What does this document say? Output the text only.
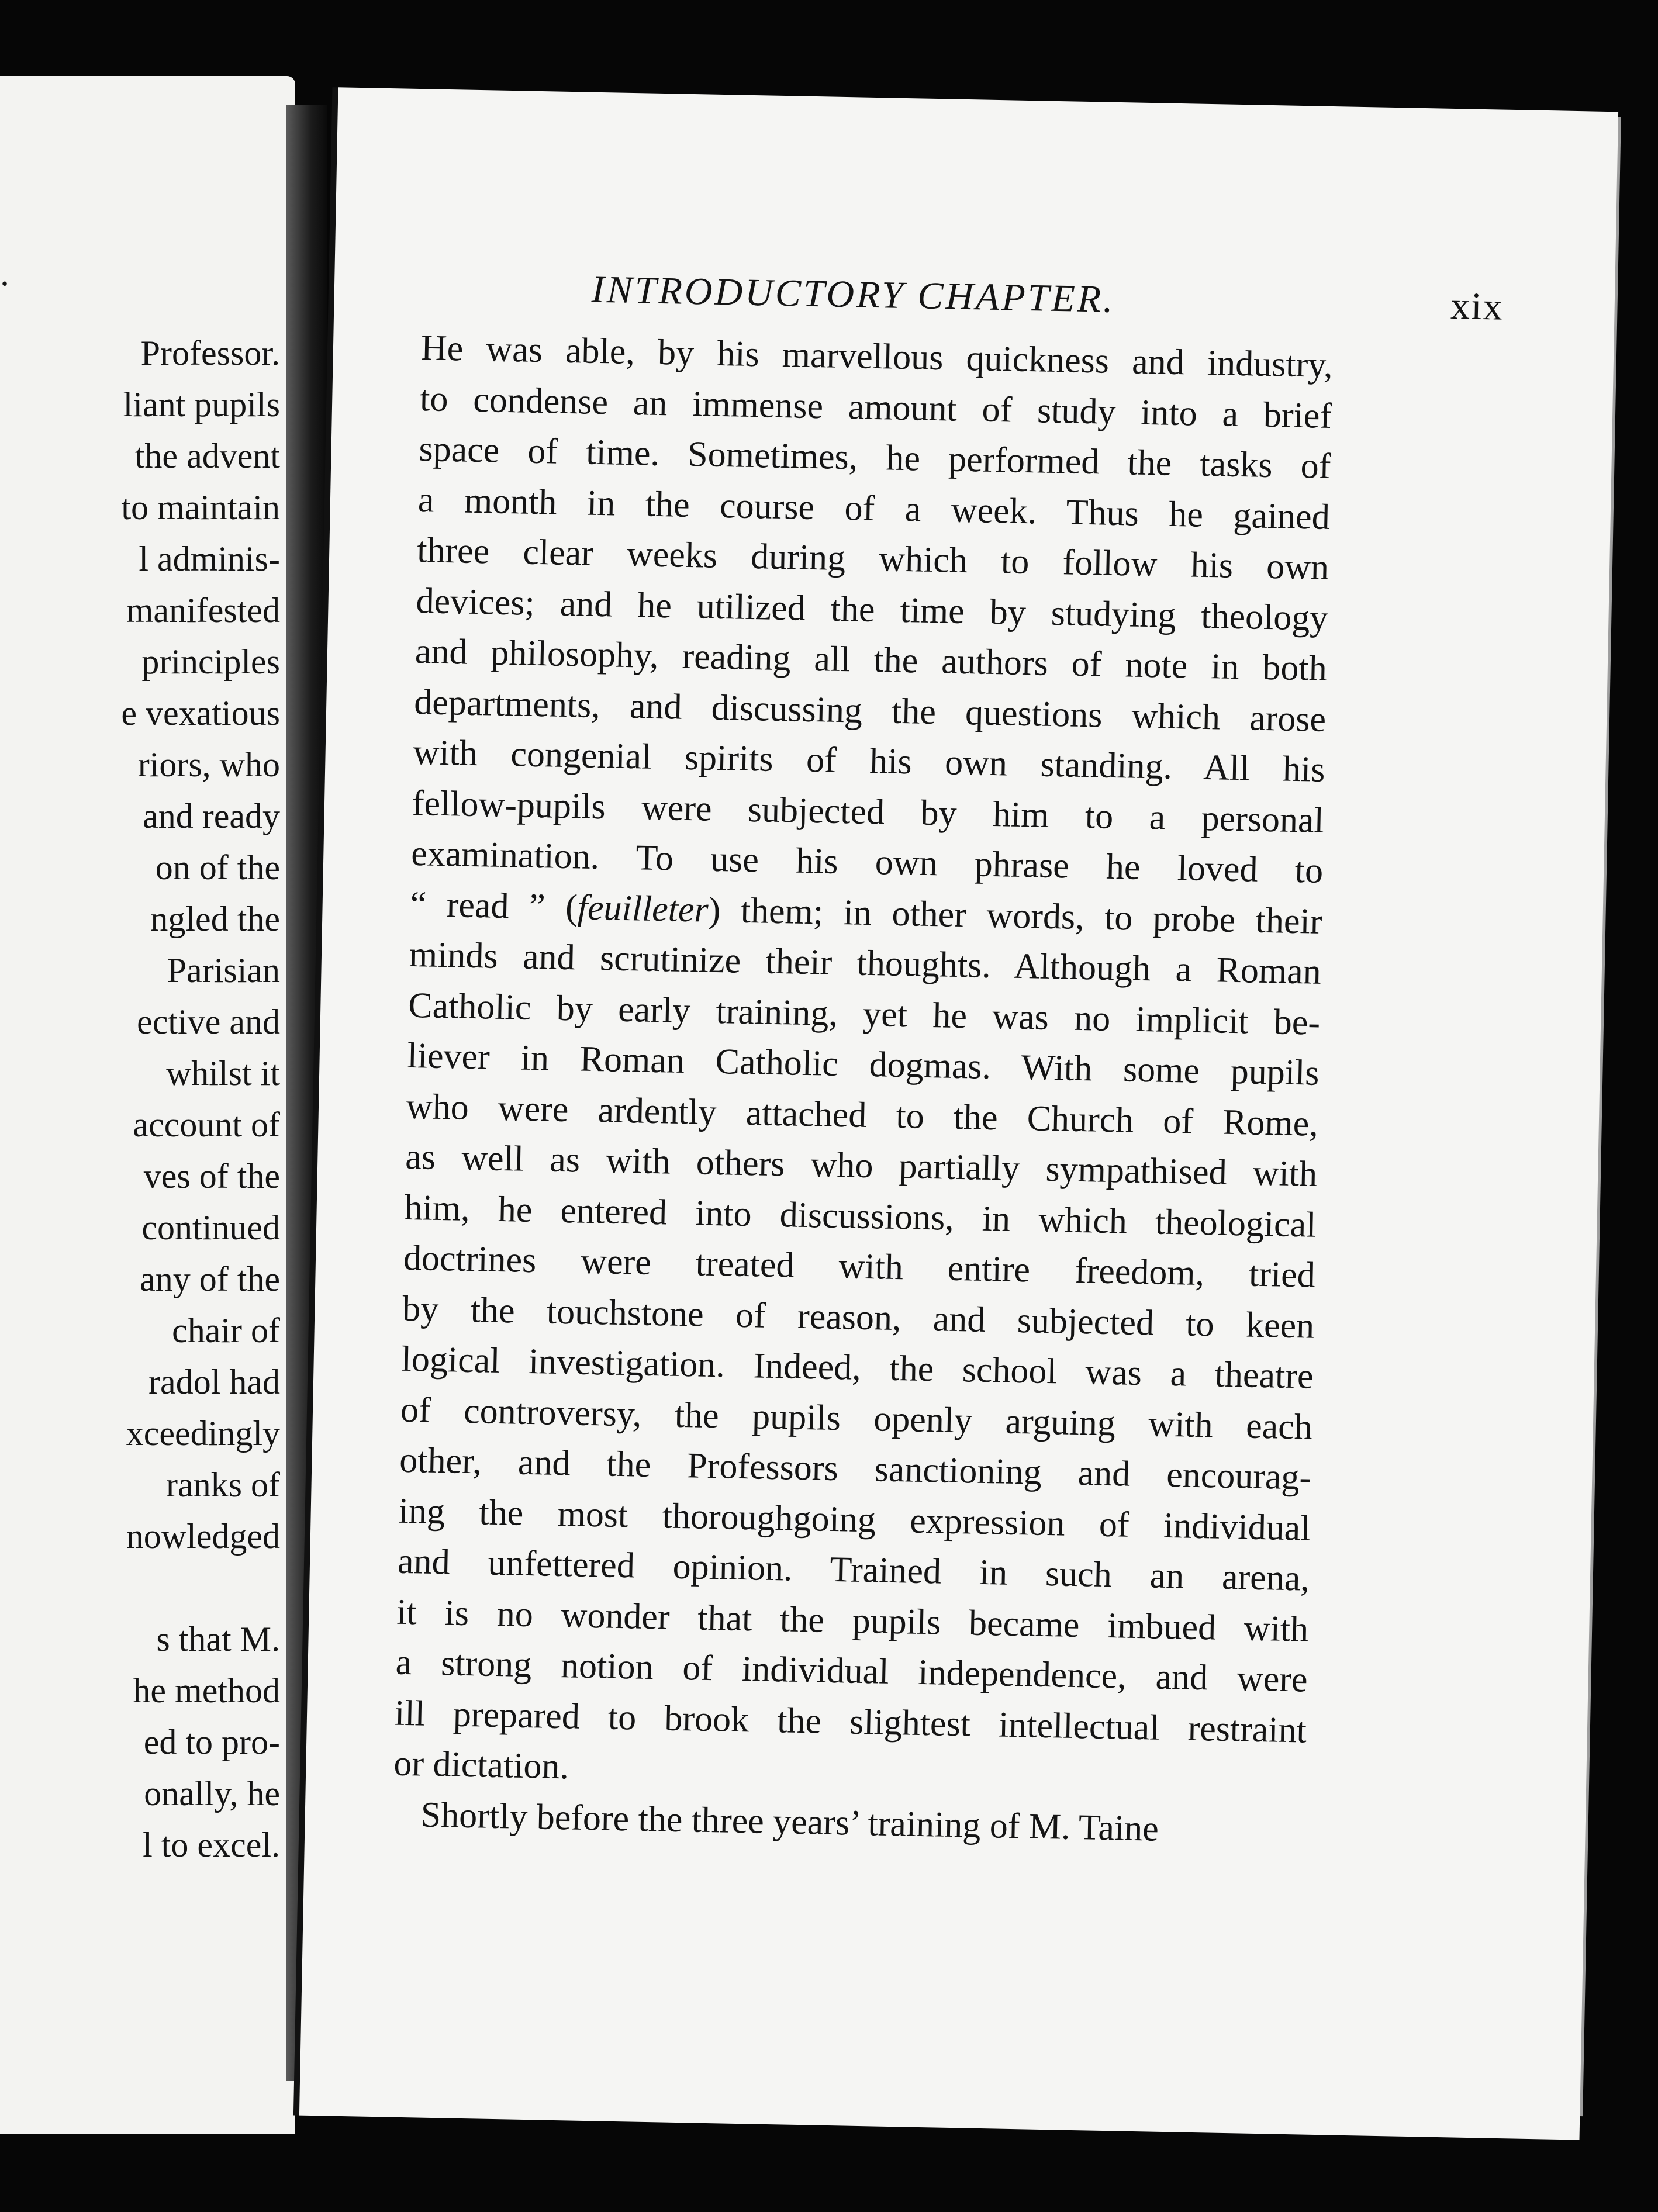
.
Professor.
liant pupils
the advent
to maintain
l adminis-
manifested
principles
e vexatious
riors, who
and ready
on of the
ngled the
Parisian
ective and
whilst it
account of
ves of the
continued
any of the
chair of
radol had
xceedingly
ranks of
nowledged
s that M.
he method
ed to pro-
onally, he
l to excel.
INTRODUCTORY CHAPTER.	xix
He was able, by his marvellous quickness and industry,
to condense an immense amount of study into a brief
space of time. Sometimes, he performed the tasks of
a month in the course of a week. Thus he gained
three clear weeks during which to follow his own
devices; and he utilized the time by studying theology
and philosophy, reading all the authors of note in both
departments, and discussing the questions which arose
with congenial spirits of his own standing. All his
fellow-pupils were subjected by him to a personal
examination. To use his own phrase he loved to
“ read ” (feuilleter) them; in other words, to probe their
minds and scrutinize their thoughts. Although a Roman
Catholic by early training, yet he was no implicit be-
liever in Roman Catholic dogmas. With some pupils
who were ardently attached to the Church of Rome,
as well as with others who partially sympathised with
him, he entered into discussions, in which theological
doctrines were treated with entire freedom, tried
by the touchstone of reason, and subjected to keen
logical investigation. Indeed, the school was a theatre
of controversy, the pupils openly arguing with each
other, and the Professors sanctioning and encourag-
ing the most thoroughgoing expression of individual
and unfettered opinion. Trained in such an arena,
it is no wonder that the pupils became imbued with
a strong notion of individual independence, and were
ill prepared to brook the slightest intellectual restraint
or dictation.
Shortly before the three years’ training of M. Taine
